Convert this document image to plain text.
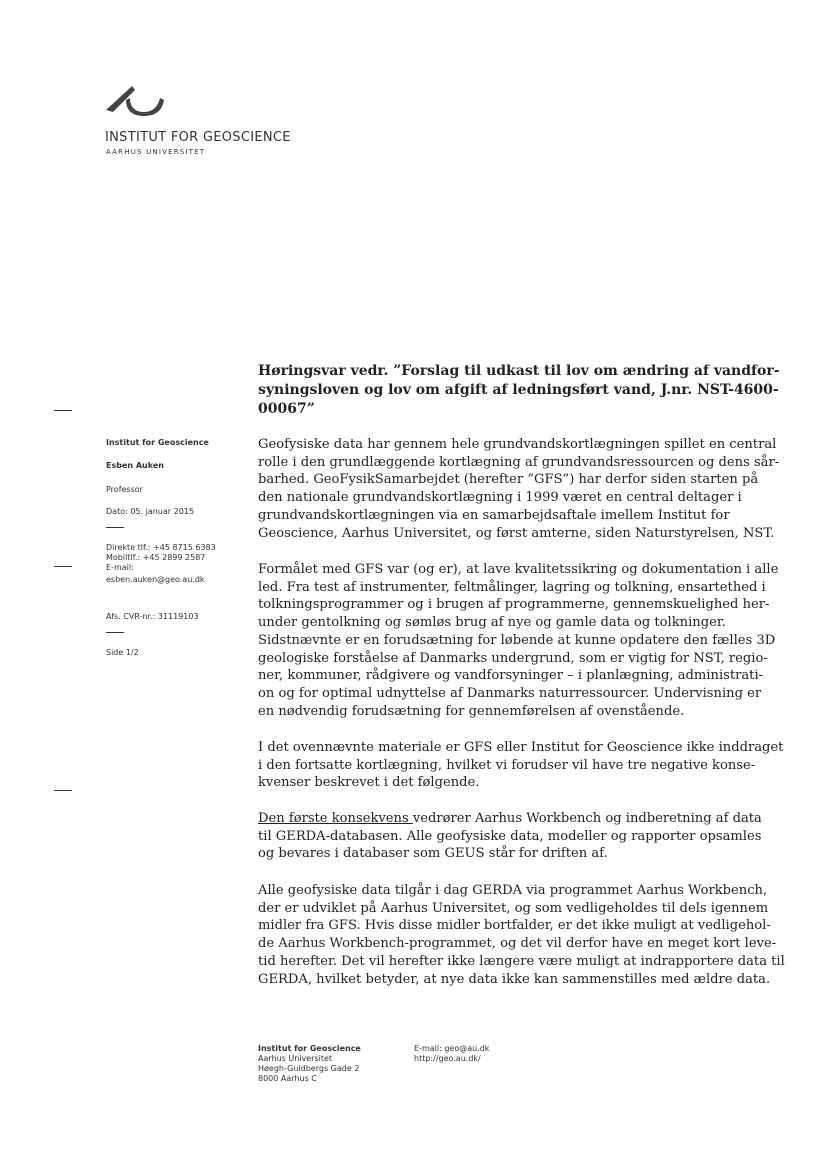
INSTITUT FOR GEOSCIENCE
AARHUS UNIVERSITET
Institut for Geoscience
Esben Auken
Professor
Dato: 05. januar 2015
Direkte tlf.: +45 8715 6383
Mobiltlf.: +45 2899 2587
E-mail:
esben.auken@geo.au.dk
Afs. CVR-nr.: 31119103
Side 1/2
Høringsvar vedr. ”Forslag til udkast til lov om ændring af vandfor-
syningsloven og lov om afgift af ledningsført vand, J.nr. NST-4600-
00067”
Geofysiske data har gennem hele grundvandskortlægningen spillet en central
rolle i den grundlæggende kortlægning af grundvandsressourcen og dens sår-
barhed. GeoFysikSamarbejdet (herefter ”GFS”) har derfor siden starten på
den nationale grundvandskortlægning i 1999 været en central deltager i
grundvandskortlægningen via en samarbejdsaftale imellem Institut for
Geoscience, Aarhus Universitet, og først amterne, siden Naturstyrelsen, NST.
Formålet med GFS var (og er), at lave kvalitetssikring og dokumentation i alle
led. Fra test af instrumenter, feltmålinger, lagring og tolkning, ensartethed i
tolkningsprogrammer og i brugen af programmerne, gennemskuelighed her-
under gentolkning og sømløs brug af nye og gamle data og tolkninger.
Sidstnævnte er en forudsætning for løbende at kunne opdatere den fælles 3D
geologiske forståelse af Danmarks undergrund, som er vigtig for NST, regio-
ner, kommuner, rådgivere og vandforsyninger – i planlægning, administrati-
on og for optimal udnyttelse af Danmarks naturressourcer. Undervisning er
en nødvendig forudsætning for gennemførelsen af ovenstående.
I det ovennævnte materiale er GFS eller Institut for Geoscience ikke inddraget
i den fortsatte kortlægning, hvilket vi forudser vil have tre negative konse-
kvenser beskrevet i det følgende.
Den første konsekvens vedrører Aarhus Workbench og indberetning af data
til GERDA-databasen. Alle geofysiske data, modeller og rapporter opsamles
og bevares i databaser som GEUS står for driften af.
Alle geofysiske data tilgår i dag GERDA via programmet Aarhus Workbench,
der er udviklet på Aarhus Universitet, og som vedligeholdes til dels igennem
midler fra GFS. Hvis disse midler bortfalder, er det ikke muligt at vedligehol-
de Aarhus Workbench-programmet, og det vil derfor have en meget kort leve-
tid herefter. Det vil herefter ikke længere være muligt at indrapportere data til
GERDA, hvilket betyder, at nye data ikke kan sammenstilles med ældre data.
Institut for Geoscience
Aarhus Universitet
Høegh-Guldbergs Gade 2
8000 Aarhus C
E-mail: geo@au.dk
http://geo.au.dk/
